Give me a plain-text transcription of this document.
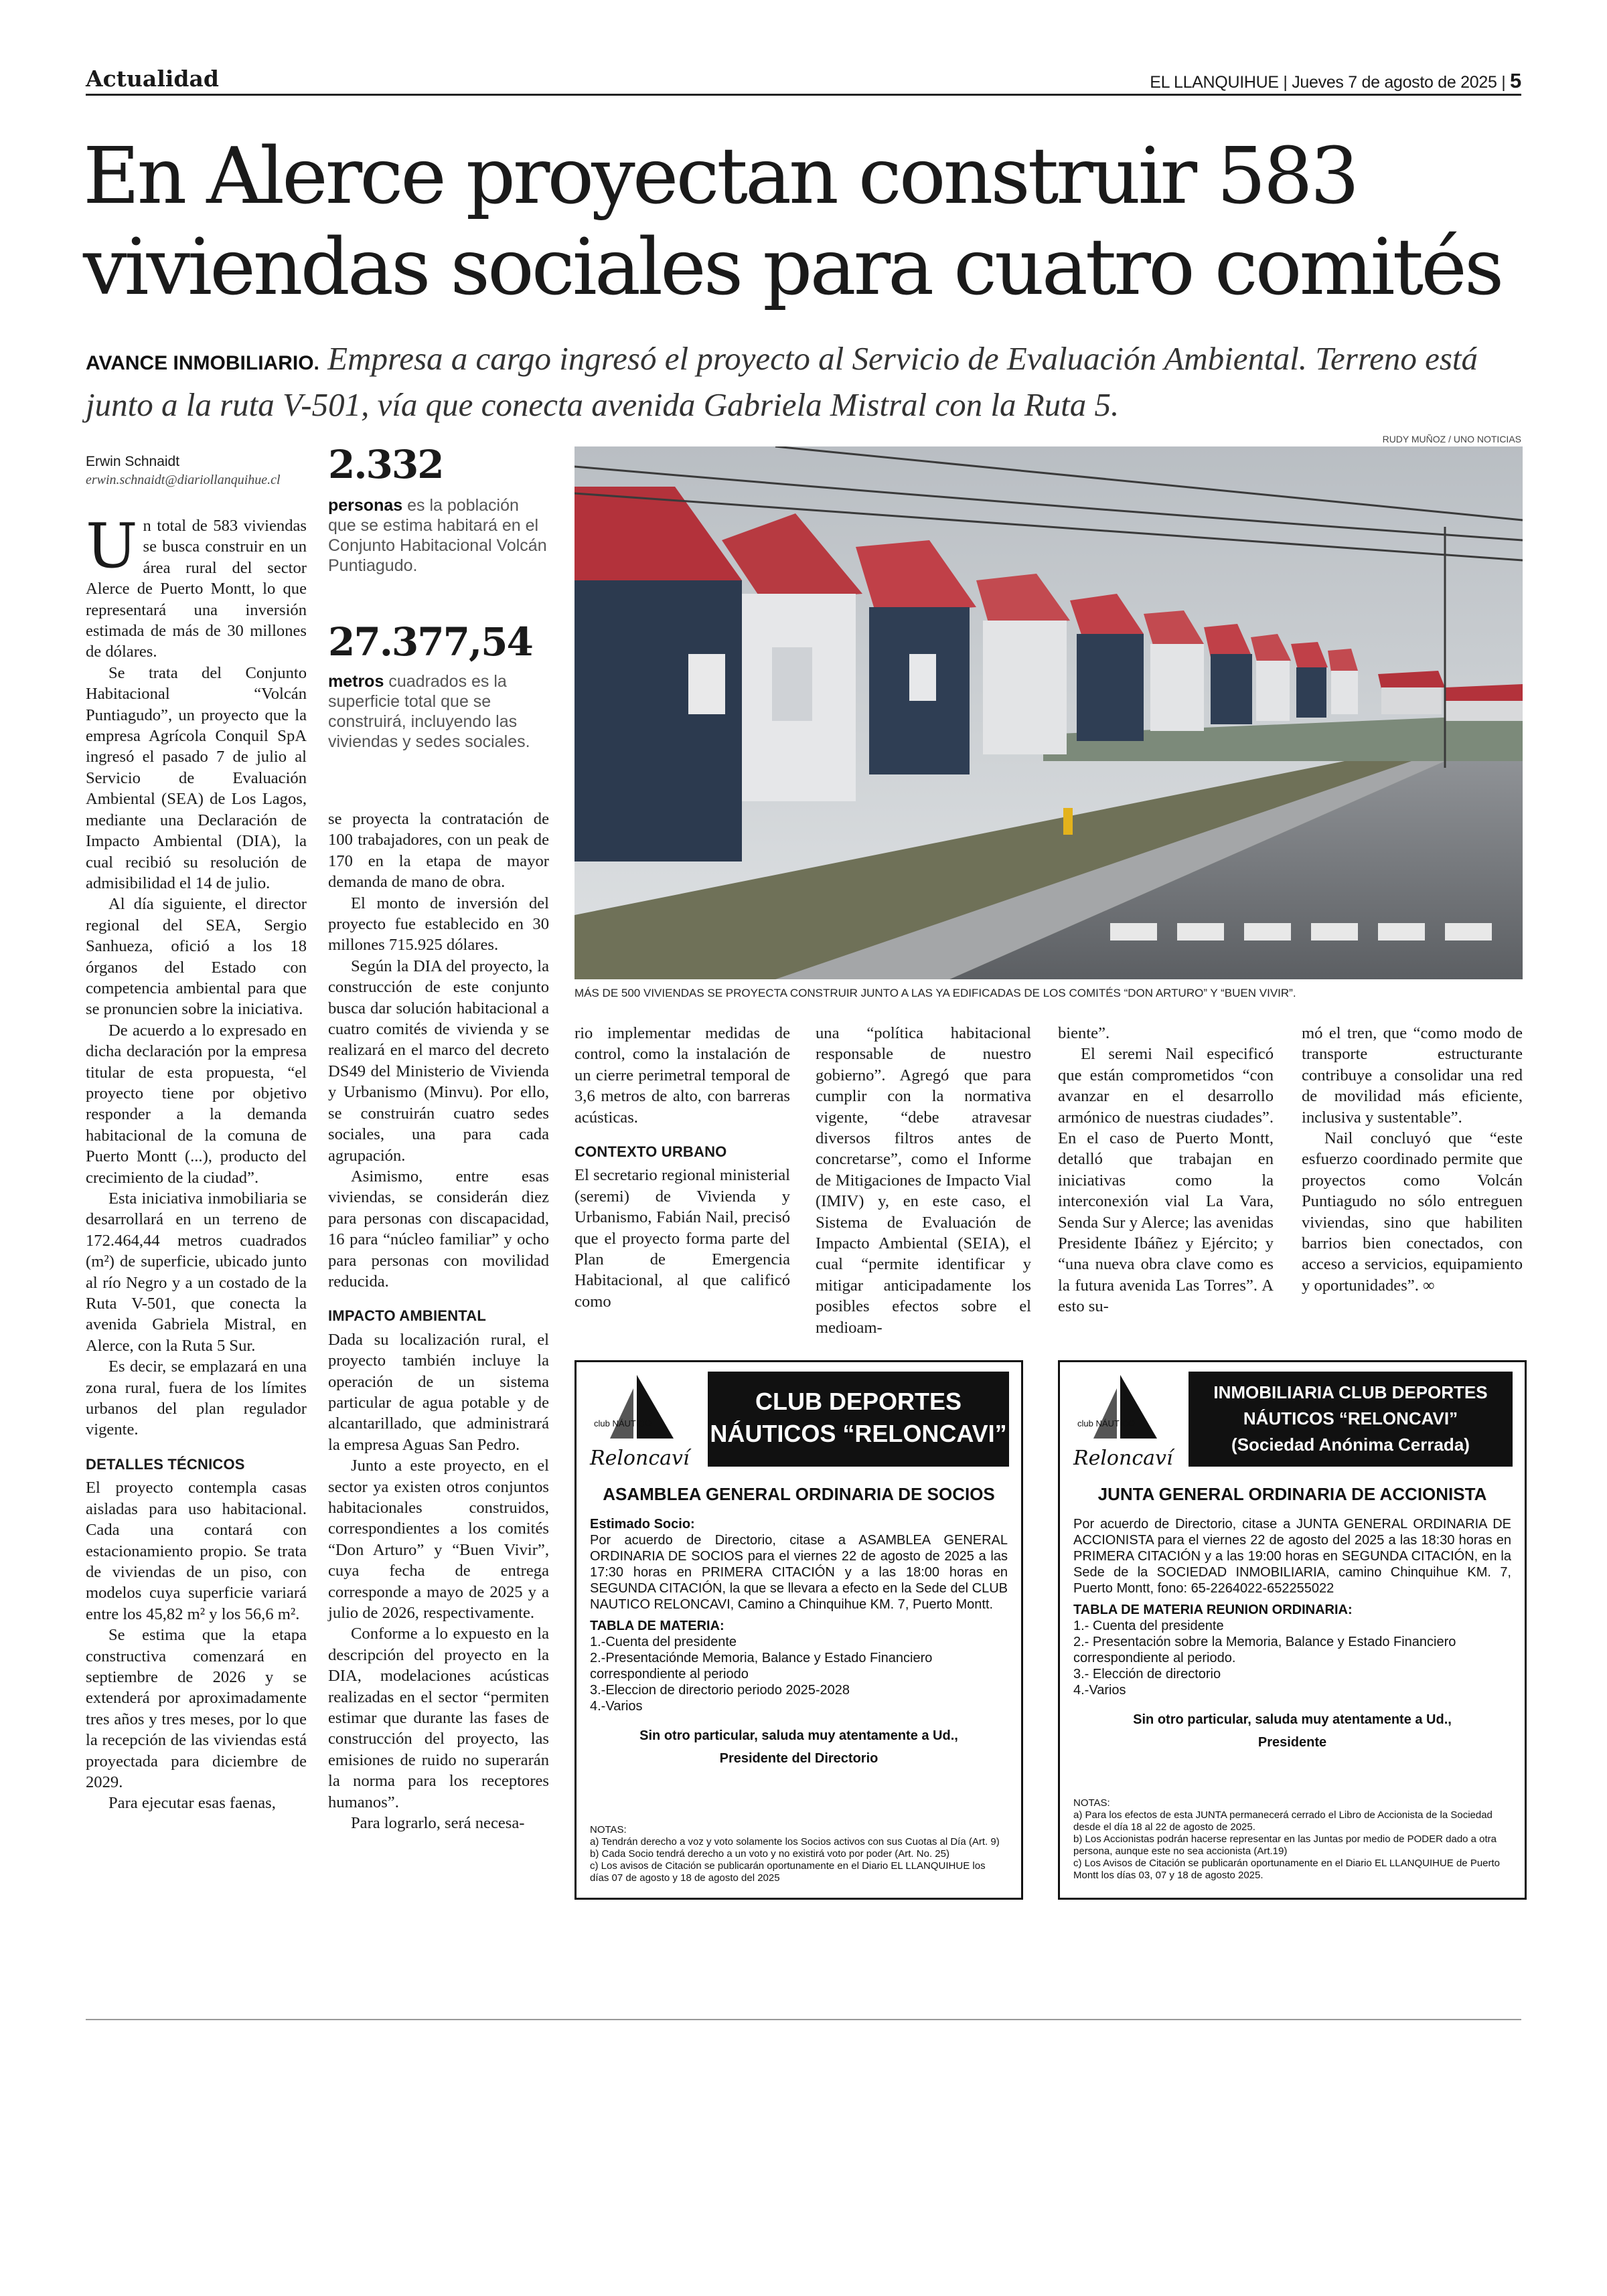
Actualidad	EL LLANQUIHUE | Jueves 7 de agosto de 2025 | 5
En Alerce proyectan construir 583 viviendas sociales para cuatro comités
AVANCE INMOBILIARIO. Empresa a cargo ingresó el proyecto al Servicio de Evaluación Ambiental. Terreno está junto a la ruta V-501, vía que conecta avenida Gabriela Mistral con la Ruta 5.
Erwin Schnaidt
erwin.schnaidt@diariollanquihue.cl
U n total de 583 viviendas se busca construir en un área rural del sector Alerce de Puerto Montt, lo que representará una inversión estimada de más de 30 millones de dólares.

Se trata del Conjunto Habitacional “Volcán Puntiagudo”, un proyecto que la empresa Agrícola Conquil SpA ingresó el pasado 7 de julio al Servicio de Evaluación Ambiental (SEA) de Los Lagos, mediante una Declaración de Impacto Ambiental (DIA), la cual recibió su resolución de admisibilidad el 14 de julio.

Al día siguiente, el director regional del SEA, Sergio Sanhueza, ofició a los 18 órganos del Estado con competencia ambiental para que se pronuncien sobre la iniciativa.

De acuerdo a lo expresado en dicha declaración por la empresa titular de esta propuesta, “el proyecto tiene por objetivo responder a la demanda habitacional de la comuna de Puerto Montt (...), producto del crecimiento de la ciudad”.

Esta iniciativa inmobiliaria se desarrollará en un terreno de 172.464,44 metros cuadrados (m²) de superficie, ubicado junto al río Negro y a un costado de la Ruta V-501, que conecta la avenida Gabriela Mistral, en Alerce, con la Ruta 5 Sur.

Es decir, se emplazará en una zona rural, fuera de los límites urbanos del plan regulador vigente.

DETALLES TÉCNICOS

El proyecto contempla casas aisladas para uso habitacional. Cada una contará con estacionamiento propio. Se trata de viviendas de un piso, con modelos cuya superficie variará entre los 45,82 m² y los 56,6 m².

Se estima que la etapa constructiva comenzará en septiembre de 2026 y se extenderá por aproximadamente tres años y tres meses, por lo que la recepción de las viviendas está proyectada para diciembre de 2029.

Para ejecutar esas faenas,

2.332
personas es la población que se estima habitará en el Conjunto Habitacional Volcán Puntiagudo.
27.377,54
metros cuadrados es la superficie total que se construirá, incluyendo las viviendas y sedes sociales.

se proyecta la contratación de 100 trabajadores, con un peak de 170 en la etapa de mayor demanda de mano de obra.

El monto de inversión del proyecto fue establecido en 30 millones 715.925 dólares.

Según la DIA del proyecto, la construcción de este conjunto busca dar solución habitacional a cuatro comités de vivienda y se realizará en el marco del decreto DS49 del Ministerio de Vivienda y Urbanismo (Minvu). Por ello, se construirán cuatro sedes sociales, una para cada agrupación.

Asimismo, entre esas viviendas, se considerán diez para personas con discapacidad, 16 para “núcleo familiar” y ocho para personas con movilidad reducida.

IMPACTO AMBIENTAL

Dada su localización rural, el proyecto también incluye la operación de un sistema particular de agua potable y de alcantarillado, que administrará la empresa Aguas San Pedro.

Junto a este proyecto, en el sector ya existen otros conjuntos habitacionales construidos, correspondientes a los comités “Don Arturo” y “Buen Vivir”, cuya fecha de entrega corresponde a mayo de 2025 y a julio de 2026, respectivamente.

Conforme a lo expuesto en la descripción del proyecto en la DIA, modelaciones acústicas realizadas en el sector “permiten estimar que durante las fases de construcción del proyecto, las emisiones de ruido no superarán la norma para los receptores humanos”.

Para lograrlo, será necesa-

RUDY MUÑOZ / UNO NOTICIAS
MÁS DE 500 VIVIENDAS SE PROYECTA CONSTRUIR JUNTO A LAS YA EDIFICADAS DE LOS COMITÉS “DON ARTURO” Y “BUEN VIVIR”.

rio implementar medidas de control, como la instalación de un cierre perimetral temporal de 3,6 metros de alto, con barreras acústicas.

CONTEXTO URBANO

El secretario regional ministerial (seremi) de Vivienda y Urbanismo, Fabián Nail, precisó que el proyecto forma parte del Plan de Emergencia Habitacional, al que calificó como

una “política habitacional responsable de nuestro gobierno”. Agregó que para cumplir con la normativa vigente, “debe atravesar diversos filtros antes de concretarse”, como el Informe de Mitigaciones de Impacto Vial (IMIV) y, en este caso, el Sistema de Evaluación de Impacto Ambiental (SEIA), el cual “permite identificar y mitigar anticipadamente los posibles efectos sobre el medioam-

biente”.

El seremi Nail especificó que están comprometidos “con avanzar en el desarrollo armónico de nuestras ciudades”. En el caso de Puerto Montt, detalló que trabajan en iniciativas como la interconexión vial La Vara, Senda Sur y Alerce; las avenidas Presidente Ibáñez y Ejército; y “una nueva obra clave como es la futura avenida Las Torres”. A esto su-

mó el tren, que “como modo de transporte estructurante contribuye a consolidar una red de movilidad más eficiente, inclusiva y sustentable”.

Nail concluyó que “este esfuerzo coordinado permite que proyectos como Volcán Puntiagudo no sólo entreguen viviendas, sino que habiliten barrios bien conectados, con acceso a servicios, equipamiento y oportunidades”. ∞

club NÁUTICO
Reloncaví
CLUB DEPORTES
NÁUTICOS “RELONCAVI”
ASAMBLEA GENERAL ORDINARIA DE SOCIOS
Estimado Socio:
Por acuerdo de Directorio, citase a ASAMBLEA GENERAL ORDINARIA DE SOCIOS para el viernes 22 de agosto de 2025 a las 17:30 horas en PRIMERA CITACIÓN y a las 18:00 horas en SEGUNDA CITACIÓN, la que se llevara a efecto en la Sede del CLUB NAUTICO RELONCAVI, Camino a Chinquihue KM. 7, Puerto Montt.
TABLA DE MATERIA:
1.-Cuenta del presidente
2.-Presentaciónde Memoria, Balance y Estado Financiero correspondiente al periodo
3.-Eleccion de directorio periodo 2025-2028
4.-Varios
Sin otro particular, saluda muy atentamente a Ud.,
Presidente del Directorio
NOTAS:
a) Tendrán derecho a voz y voto solamente los Socios activos con sus Cuotas al Día (Art. 9)
b) Cada Socio tendrá derecho a un voto y no existirá voto por poder (Art. No. 25)
c) Los avisos de Citación se publicarán oportunamente en el Diario EL LLANQUIHUE los días 07 de agosto y 18 de agosto del 2025
club NÁUTICO
Reloncaví
INMOBILIARIA CLUB DEPORTES
NÁUTICOS “RELONCAVI”
(Sociedad Anónima Cerrada)
JUNTA GENERAL ORDINARIA DE ACCIONISTA
Por acuerdo de Directorio, citase a JUNTA GENERAL ORDINARIA DE ACCIONISTA para el viernes 22 de agosto del 2025 a las 18:30 horas en PRIMERA CITACIÓN y a las 19:00 horas en SEGUNDA CITACIÓN, en la Sede de la SOCIEDAD INMOBILIARIA, camino Chinquihue KM. 7, Puerto Montt, fono: 65-2264022-652255022
TABLA DE MATERIA REUNION ORDINARIA:
1.- Cuenta del presidente
2.- Presentación sobre la Memoria, Balance y Estado Financiero correspondiente al periodo.
3.- Elección de directorio
4.-Varios
Sin otro particular, saluda muy atentamente a Ud.,
Presidente
NOTAS:
a) Para los efectos de esta JUNTA permanecerá cerrado el Libro de Accionista de la Sociedad desde el día 18 al 22 de agosto de 2025.
b) Los Accionistas podrán hacerse representar en las Juntas por medio de PODER dado a otra persona, aunque este no sea accionista (Art.19)
c) Los Avisos de Citación se publicarán oportunamente en el Diario EL LLANQUIHUE de Puerto Montt los días 03, 07 y 18 de agosto 2025.
